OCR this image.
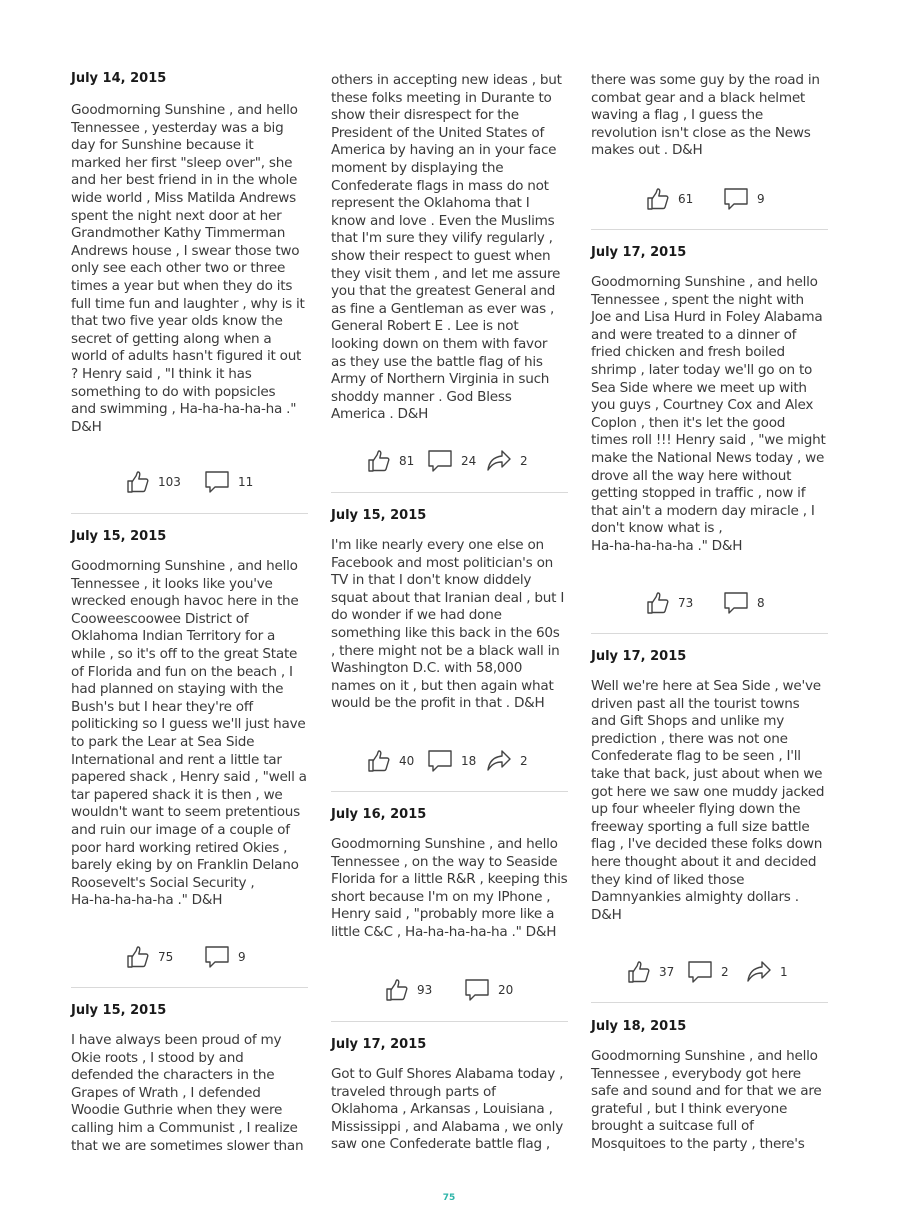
July 14, 2015
Goodmorning Sunshine , and hello
Tennessee , yesterday was a big
day for Sunshine because it
marked her first "sleep over", she
and her best friend in in the whole
wide world , Miss Matilda Andrews
spent the night next door at her
Grandmother Kathy Timmerman
Andrews house , I swear those two
only see each other two or three
times a year but when they do its
full time fun and laughter , why is it
that two five year olds know the
secret of getting along when a
world of adults hasn't figured it out
? Henry said , "I think it has
something to do with popsicles
and swimming , Ha-ha-ha-ha-ha ."
D&H
103	11
July 15, 2015
Goodmorning Sunshine , and hello
Tennessee , it looks like you've
wrecked enough havoc here in the
Cooweescoowee District of
Oklahoma Indian Territory for a
while , so it's off to the great State
of Florida and fun on the beach , I
had planned on staying with the
Bush's but I hear they're off
politicking so I guess we'll just have
to park the Lear at Sea Side
International and rent a little tar
papered shack , Henry said , "well a
tar papered shack it is then , we
wouldn't want to seem pretentious
and ruin our image of a couple of
poor hard working retired Okies ,
barely eking by on Franklin Delano
Roosevelt's Social Security ,
Ha-ha-ha-ha-ha ." D&H
75	9
July 15, 2015
I have always been proud of my
Okie roots , I stood by and
defended the characters in the
Grapes of Wrath , I defended
Woodie Guthrie when they were
calling him a Communist , I realize
that we are sometimes slower than
others in accepting new ideas , but
these folks meeting in Durante to
show their disrespect for the
President of the United States of
America by having an in your face
moment by displaying the
Confederate flags in mass do not
represent the Oklahoma that I
know and love . Even the Muslims
that I'm sure they vilify regularly ,
show their respect to guest when
they visit them , and let me assure
you that the greatest General and
as fine a Gentleman as ever was ,
General Robert E . Lee is not
looking down on them with favor
as they use the battle flag of his
Army of Northern Virginia in such
shoddy manner . God Bless
America . D&H
81	24	2
July 15, 2015
I'm like nearly every one else on
Facebook and most politician's on
TV in that I don't know diddely
squat about that Iranian deal , but I
do wonder if we had done
something like this back in the 60s
, there might not be a black wall in
Washington D.C. with 58,000
names on it , but then again what
would be the profit in that . D&H
40	18	2
July 16, 2015
Goodmorning Sunshine , and hello
Tennessee , on the way to Seaside
Florida for a little R&R , keeping this
short because I'm on my IPhone ,
Henry said , "probably more like a
little C&C , Ha-ha-ha-ha-ha ." D&H
93	20
July 17, 2015
Got to Gulf Shores Alabama today ,
traveled through parts of
Oklahoma , Arkansas , Louisiana ,
Mississippi , and Alabama , we only
saw one Confederate battle flag ,
there was some guy by the road in
combat gear and a black helmet
waving a flag , I guess the
revolution isn't close as the News
makes out . D&H
61	9
July 17, 2015
Goodmorning Sunshine , and hello
Tennessee , spent the night with
Joe and Lisa Hurd in Foley Alabama
and were treated to a dinner of
fried chicken and fresh boiled
shrimp , later today we'll go on to
Sea Side where we meet up with
you guys , Courtney Cox and Alex
Coplon , then it's let the good
times roll !!! Henry said , "we might
make the National News today , we
drove all the way here without
getting stopped in traffic , now if
that ain't a modern day miracle , I
don't know what is ,
Ha-ha-ha-ha-ha ." D&H
73	8
July 17, 2015
Well we're here at Sea Side , we've
driven past all the tourist towns
and Gift Shops and unlike my
prediction , there was not one
Confederate flag to be seen , I'll
take that back, just about when we
got here we saw one muddy jacked
up four wheeler flying down the
freeway sporting a full size battle
flag , I've decided these folks down
here thought about it and decided
they kind of liked those
Damnyankies almighty dollars .
D&H
37	2	1
July 18, 2015
Goodmorning Sunshine , and hello
Tennessee , everybody got here
safe and sound and for that we are
grateful , but I think everyone
brought a suitcase full of
Mosquitoes to the party , there's
75
